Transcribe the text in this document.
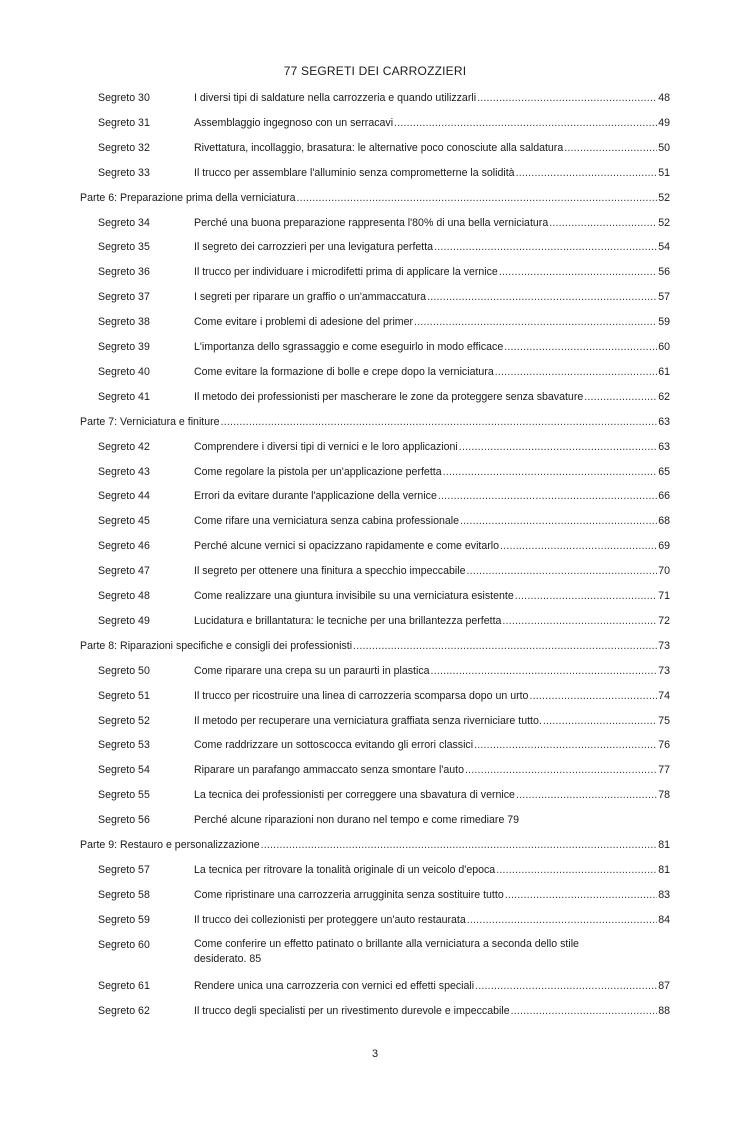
77 SEGRETI DEI CARROZZIERI
Segreto 30	I diversi tipi di saldature nella carrozzeria e quando utilizzarli .....	48
Segreto 31	Assemblaggio ingegnoso con un serracavi .....	49
Segreto 32	Rivettatura, incollaggio, brasatura: le alternative poco conosciute alla saldatura .....	50
Segreto 33	Il trucco per assemblare l'alluminio senza comprometterne la solidità .....	51
Parte 6: Preparazione prima della verniciatura .....	52
Segreto 34	Perché una buona preparazione rappresenta l'80% di una bella verniciatura .....	52
Segreto 35	Il segreto dei carrozzieri per una levigatura perfetta .....	54
Segreto 36	Il trucco per individuare i microdifetti prima di applicare la vernice .....	56
Segreto 37	I segreti per riparare un graffio o un'ammaccatura .....	57
Segreto 38	Come evitare i problemi di adesione del primer .....	59
Segreto 39	L'importanza dello sgrassaggio e come eseguirlo in modo efficace .....	60
Segreto 40	Come evitare la formazione di bolle e crepe dopo la verniciatura .....	61
Segreto 41	Il metodo dei professionisti per mascherare le zone da proteggere senza sbavature .....	62
Parte 7: Verniciatura e finiture .....	63
Segreto 42	Comprendere i diversi tipi di vernici e le loro applicazioni .....	63
Segreto 43	Come regolare la pistola per un'applicazione perfetta .....	65
Segreto 44	Errori da evitare durante l'applicazione della vernice .....	66
Segreto 45	Come rifare una verniciatura senza cabina professionale .....	68
Segreto 46	Perché alcune vernici si opacizzano rapidamente e come evitarlo .....	69
Segreto 47	Il segreto per ottenere una finitura a specchio impeccabile .....	70
Segreto 48	Come realizzare una giuntura invisibile su una verniciatura esistente .....	71
Segreto 49	Lucidatura e brillantatura: le tecniche per una brillantezza perfetta .....	72
Parte 8: Riparazioni specifiche e consigli dei professionisti .....	73
Segreto 50	Come riparare una crepa su un paraurti in plastica .....	73
Segreto 51	Il trucco per ricostruire una linea di carrozzeria scomparsa dopo un urto .....	74
Segreto 52	Il metodo per recuperare una verniciatura graffiata senza riverniciare tutto. .....	75
Segreto 53	Come raddrizzare un sottoscocca evitando gli errori classici .....	76
Segreto 54	Riparare un parafango ammaccato senza smontare l'auto .....	77
Segreto 55	La tecnica dei professionisti per correggere una sbavatura di vernice .....	78
Segreto 56	Perché alcune riparazioni non durano nel tempo e come rimediare 79
Parte 9: Restauro e personalizzazione .....	81
Segreto 57	La tecnica per ritrovare la tonalità originale di un veicolo d'epoca .....	81
Segreto 58	Come ripristinare una carrozzeria arrugginita senza sostituire tutto .....	83
Segreto 59	Il trucco dei collezionisti per proteggere un'auto restaurata .....	84
Segreto 60	Come conferire un effetto patinato o brillante alla verniciatura a seconda dello stile
desiderato. 85
Segreto 61	Rendere unica una carrozzeria con vernici ed effetti speciali .....	87
Segreto 62	Il trucco degli specialisti per un rivestimento durevole e impeccabile .....	88
3
